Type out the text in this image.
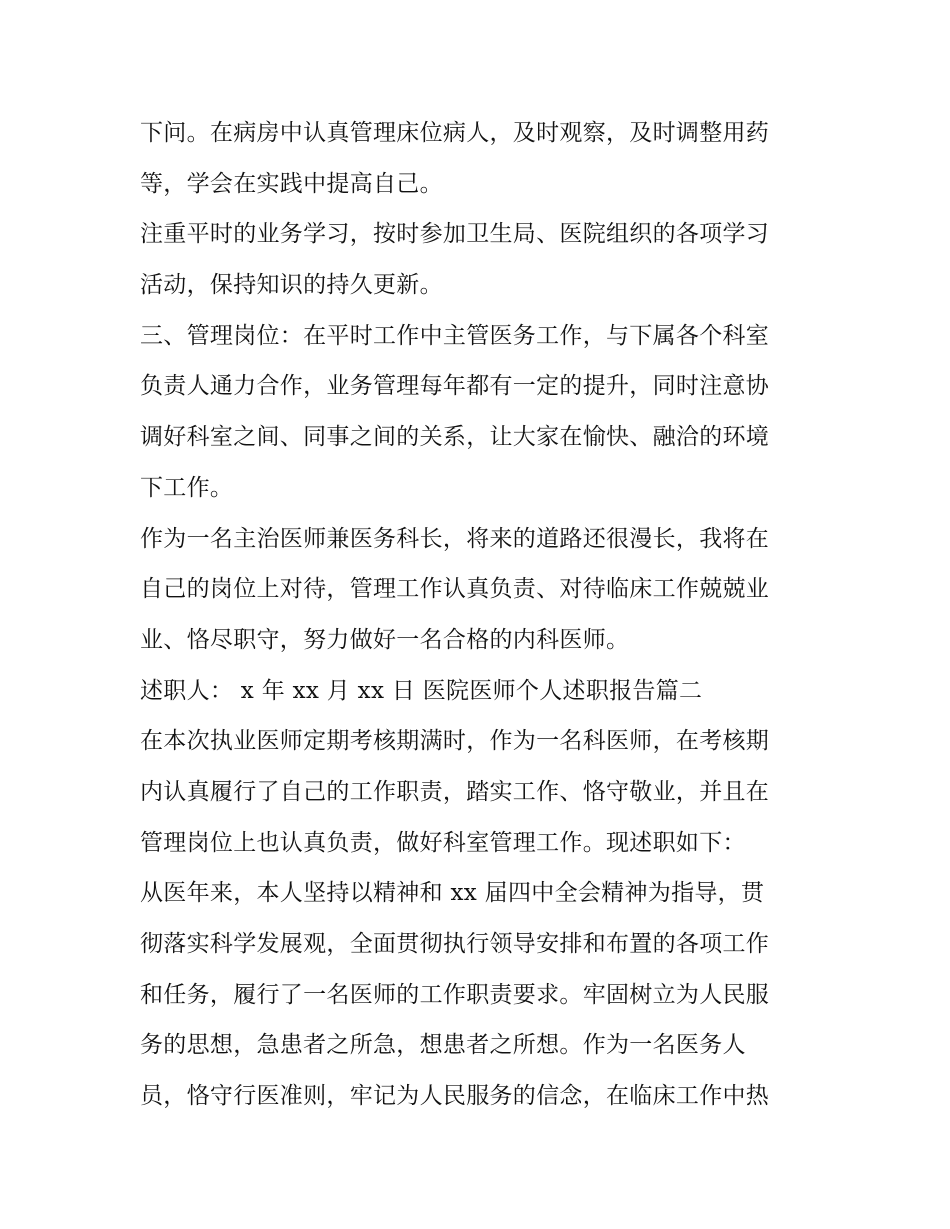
下问。在病房中认真管理床位病人，及时观察，及时调整用药
等，学会在实践中提高自己。
注重平时的业务学习，按时参加卫生局、医院组织的各项学习
活动，保持知识的持久更新。
三、管理岗位：在平时工作中主管医务工作，与下属各个科室
负责人通力合作，业务管理每年都有一定的提升，同时注意协
调好科室之间、同事之间的关系，让大家在愉快、融洽的环境
下工作。
作为一名主治医师兼医务科长，将来的道路还很漫长，我将在
自己的岗位上对待，管理工作认真负责、对待临床工作兢兢业
业、恪尽职守，努力做好一名合格的内科医师。
述职人： x 年 xx 月 xx 日 医院医师个人述职报告篇二
在本次执业医师定期考核期满时，作为一名科医师，在考核期
内认真履行了自己的工作职责，踏实工作、恪守敬业，并且在
管理岗位上也认真负责，做好科室管理工作。现述职如下：
从医年来，本人坚持以精神和 xx 届四中全会精神为指导，贯
彻落实科学发展观，全面贯彻执行领导安排和布置的各项工作
和任务，履行了一名医师的工作职责要求。牢固树立为人民服
务的思想，急患者之所急，想患者之所想。作为一名医务人
员，恪守行医准则，牢记为人民服务的信念，在临床工作中热
